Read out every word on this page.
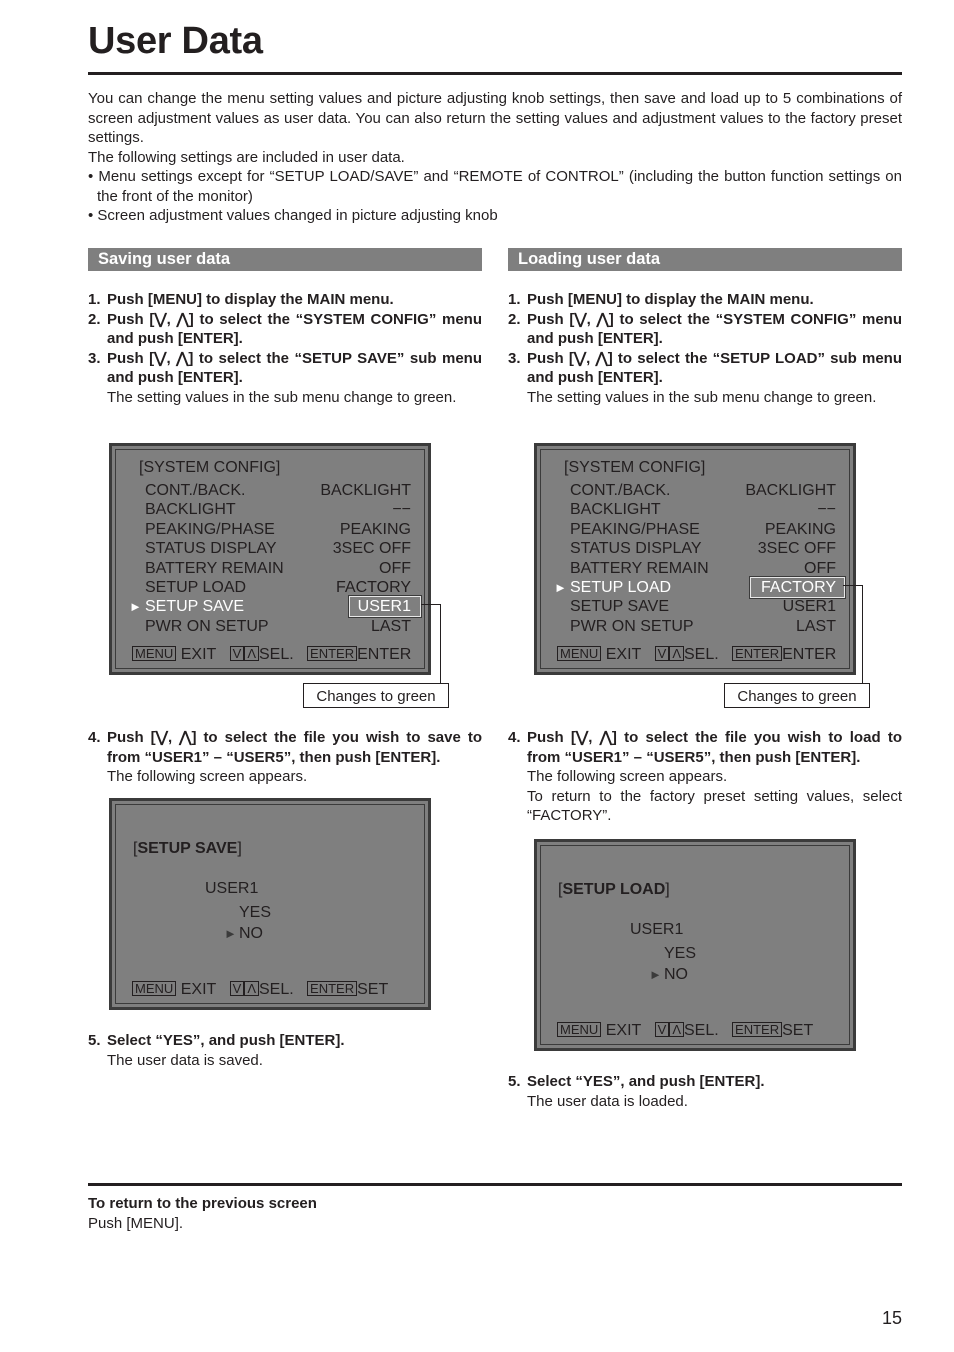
User Data

You can change the menu setting values and picture adjusting knob settings, then save and load up to 5 combinations of screen adjustment values as user data. You can also return the setting values and adjustment values to the factory preset settings.

The following settings are included in user data.

• Menu settings except for “SETUP LOAD/SAVE” and “REMOTE of CONTROL” (including the button function settings on the front of the monitor)

• Screen adjustment values changed in picture adjusting knob

Saving user data
1. Push [MENU] to display the MAIN menu.
2. Push [⋁, ⋀] to select the “SYSTEM CONFIG” menu and push [ENTER].
3. Push [⋁, ⋀] to select the “SETUP SAVE” sub menu and push [ENTER].
The setting values in the sub menu change to green.
[SYSTEM CONFIG]
CONT./BACK.	BACKLIGHT
BACKLIGHT	−−
PEAKING/PHASE	PEAKING
STATUS DISPLAY	3SEC OFF
BATTERY REMAIN	OFF
SETUP LOAD	FACTORY
► SETUP SAVE	USER1
PWR ON SETUP	LAST
MENU EXIT V Λ SEL. ENTER ENTER
Changes to green
4. Push [⋁, ⋀] to select the file you wish to save to from “USER1” – “USER5”, then push [ENTER].
The following screen appears.
[SETUP SAVE]
USER1
YES
► NO
MENU EXIT V Λ SEL. ENTER SET
5. Select “YES”, and push [ENTER].
The user data is saved.
Loading user data
1. Push [MENU] to display the MAIN menu.
2. Push [⋁, ⋀] to select the “SYSTEM CONFIG” menu and push [ENTER].
3. Push [⋁, ⋀] to select the “SETUP LOAD” sub menu and push [ENTER].
The setting values in the sub menu change to green.
[SYSTEM CONFIG]
CONT./BACK.	BACKLIGHT
BACKLIGHT	−−
PEAKING/PHASE	PEAKING
STATUS DISPLAY	3SEC OFF
BATTERY REMAIN	OFF
► SETUP LOAD	FACTORY
SETUP SAVE	USER1
PWR ON SETUP	LAST
MENU EXIT V Λ SEL. ENTER ENTER
Changes to green
4. Push [⋁, ⋀] to select the file you wish to load to from “USER1” – “USER5”, then push [ENTER].
The following screen appears.
To return to the factory preset setting values, select “FACTORY”.
[SETUP LOAD]
USER1
YES
► NO
MENU EXIT V Λ SEL. ENTER SET
5. Select “YES”, and push [ENTER].
The user data is loaded.
To return to the previous screen
Push [MENU].
15
